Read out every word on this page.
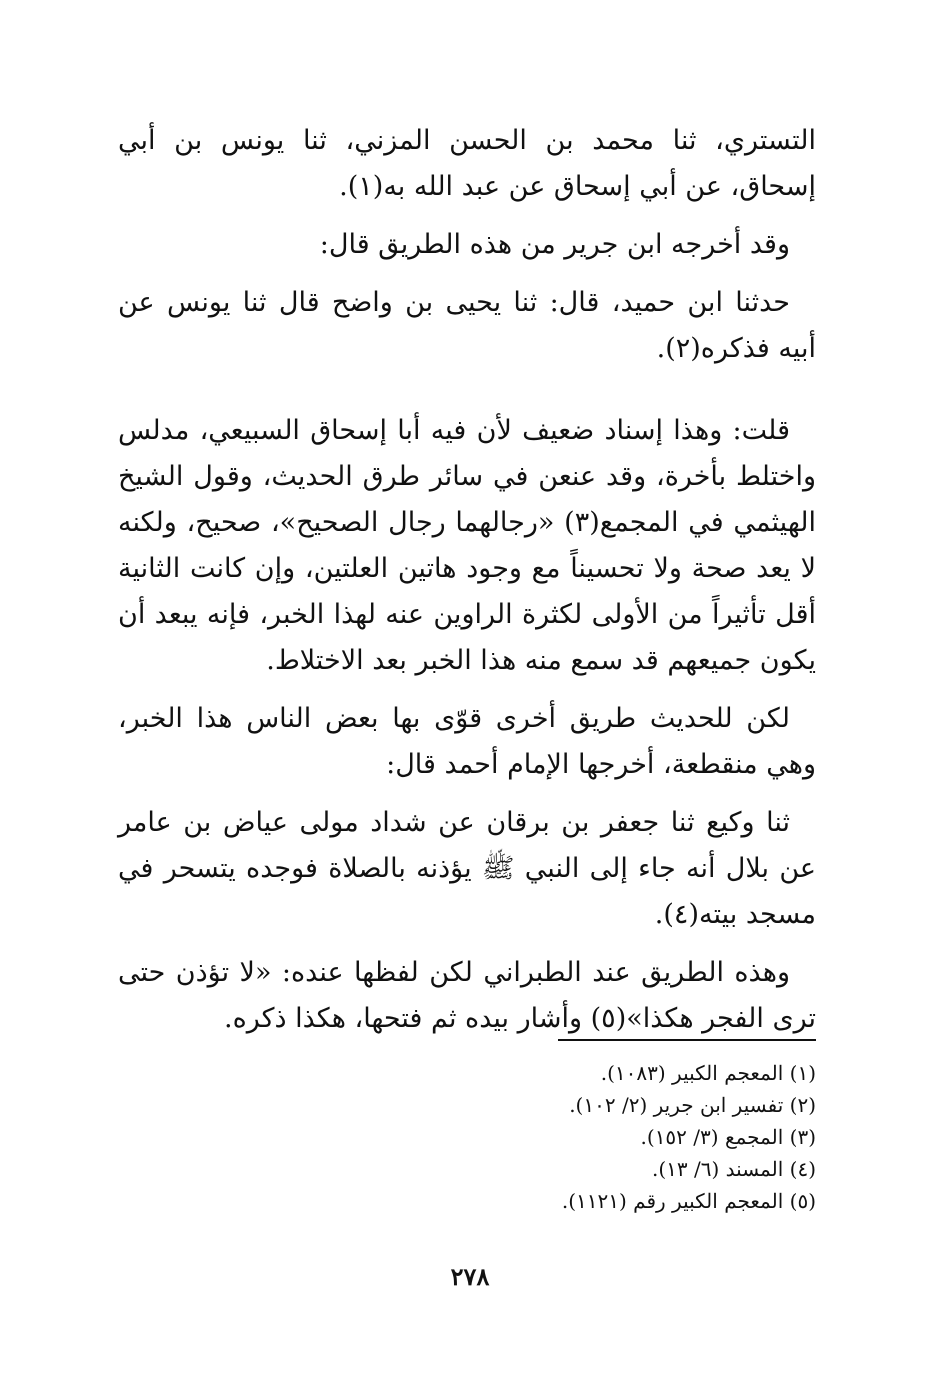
التستري، ثنا محمد بن الحسن المزني، ثنا يونس بن أبي إسحاق، عن أبي إسحاق عن عبد الله به(١).

وقد أخرجه ابن جرير من هذه الطريق قال:

حدثنا ابن حميد، قال: ثنا يحيى بن واضح قال ثنا يونس عن أبيه فذكره(٢).

قلت: وهذا إسناد ضعيف لأن فيه أبا إسحاق السبيعي، مدلس واختلط بأخرة، وقد عنعن في سائر طرق الحديث، وقول الشيخ الهيثمي في المجمع(٣) «رجالهما رجال الصحيح»، صحيح، ولكنه لا يعد صحة ولا تحسيناً مع وجود هاتين العلتين، وإن كانت الثانية أقل تأثيراً من الأولى لكثرة الراوين عنه لهذا الخبر، فإنه يبعد أن يكون جميعهم قد سمع منه هذا الخبر بعد الاختلاط.

لكن للحديث طريق أخرى قوّى بها بعض الناس هذا الخبر، وهي منقطعة، أخرجها الإمام أحمد قال:

ثنا وكيع ثنا جعفر بن برقان عن شداد مولى عياض بن عامر عن بلال أنه جاء إلى النبي ﷺ يؤذنه بالصلاة فوجده يتسحر في مسجد بيته(٤).

وهذه الطريق عند الطبراني لكن لفظها عنده: «لا تؤذن حتى ترى الفجر هكذا»(٥) وأشار بيده ثم فتحها، هكذا ذكره.

(١) المعجم الكبير (١٠٨٣).
(٢) تفسير ابن جرير (٢/ ١٠٢).
(٣) المجمع (٣/ ١٥٢).
(٤) المسند (٦/ ١٣).
(٥) المعجم الكبير رقم (١١٢١).
٢٧٨
